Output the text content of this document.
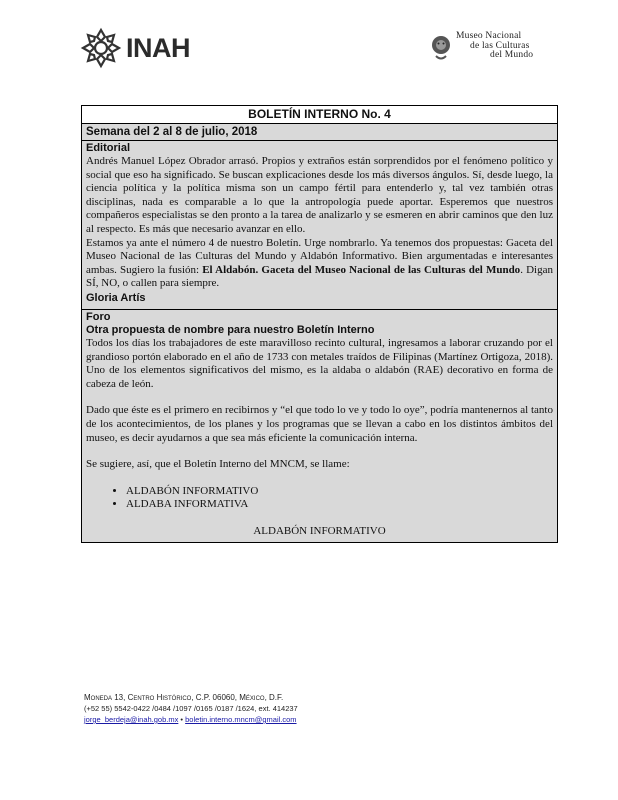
INAH	Museo Nacional
de las Culturas
del Mundo
BOLETÍN INTERNO No. 4
Semana del 2 al 8 de julio, 2018
Editorial

Andrés Manuel López Obrador arrasó. Propios y extraños están sorprendidos por el fenómeno político y social que eso ha significado. Se buscan explicaciones desde los más diversos ángulos. Sí, desde luego, la ciencia política y la política misma son un campo fértil para entenderlo y, tal vez también otras disciplinas, nada es comparable a lo que la antropología puede aportar. Esperemos que nuestros compañeros especialistas se den pronto a la tarea de analizarlo y se esmeren en abrir caminos que den luz al respecto. Es más que necesario avanzar en ello.

Estamos ya ante el número 4 de nuestro Boletín. Urge nombrarlo. Ya tenemos dos propuestas: Gaceta del Museo Nacional de las Culturas del Mundo y Aldabón Informativo. Bien argumentadas e interesantes ambas. Sugiero la fusión: El Aldabón. Gaceta del Museo Nacional de las Culturas del Mundo. Digan SÍ, NO, o callen para siempre.

Gloria Artís
Foro
Otra propuesta de nombre para nuestro Boletín Interno

Todos los días los trabajadores de este maravilloso recinto cultural, ingresamos a laborar cruzando por el grandioso portón elaborado en el año de 1733 con metales traídos de Filipinas (Martínez Ortigoza, 2018). Uno de los elementos significativos del mismo, es la aldaba o aldabón (RAE) decorativo en forma de cabeza de león.

Dado que éste es el primero en recibirnos y “el que todo lo ve y todo lo oye”, podría mantenernos al tanto de los acontecimientos, de los planes y los programas que se llevan a cabo en los distintos ámbitos del museo, es decir ayudarnos a que sea más eficiente la comunicación interna.

Se sugiere, así, que el Boletín Interno del MNCM, se llame:

• ALDABÓN INFORMATIVO
• ALDABA INFORMATIVA
ALDABÓN INFORMATIVO
Moneda 13, Centro Histórico, C.P. 06060, México, D.F.
(+52 55) 5542-0422 /0484 /1097 /0165 /0187 /1624, ext. 414237
jorge_berdeja@inah.gob.mx • boletin.interno.mncm@gmail.com
